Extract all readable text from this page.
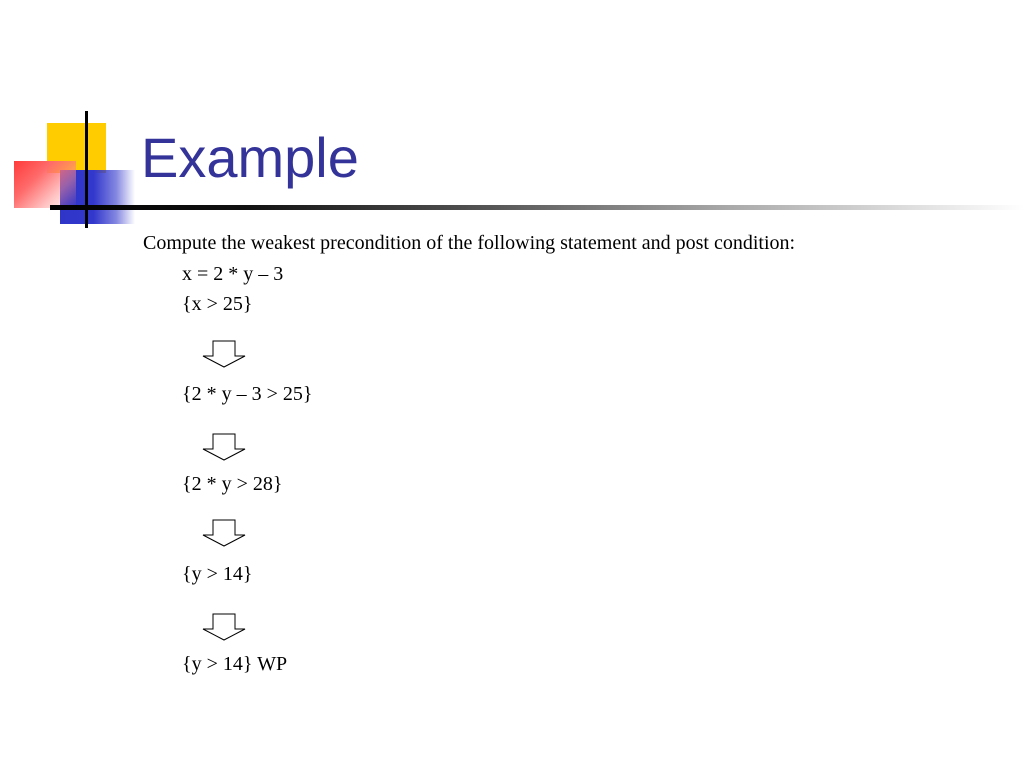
Example
Compute the weakest precondition of the following statement and post condition:
x = 2 * y – 3
{x > 25}
{2 * y – 3 > 25}
{2 * y > 28}
{y > 14}
{y > 14} WP
